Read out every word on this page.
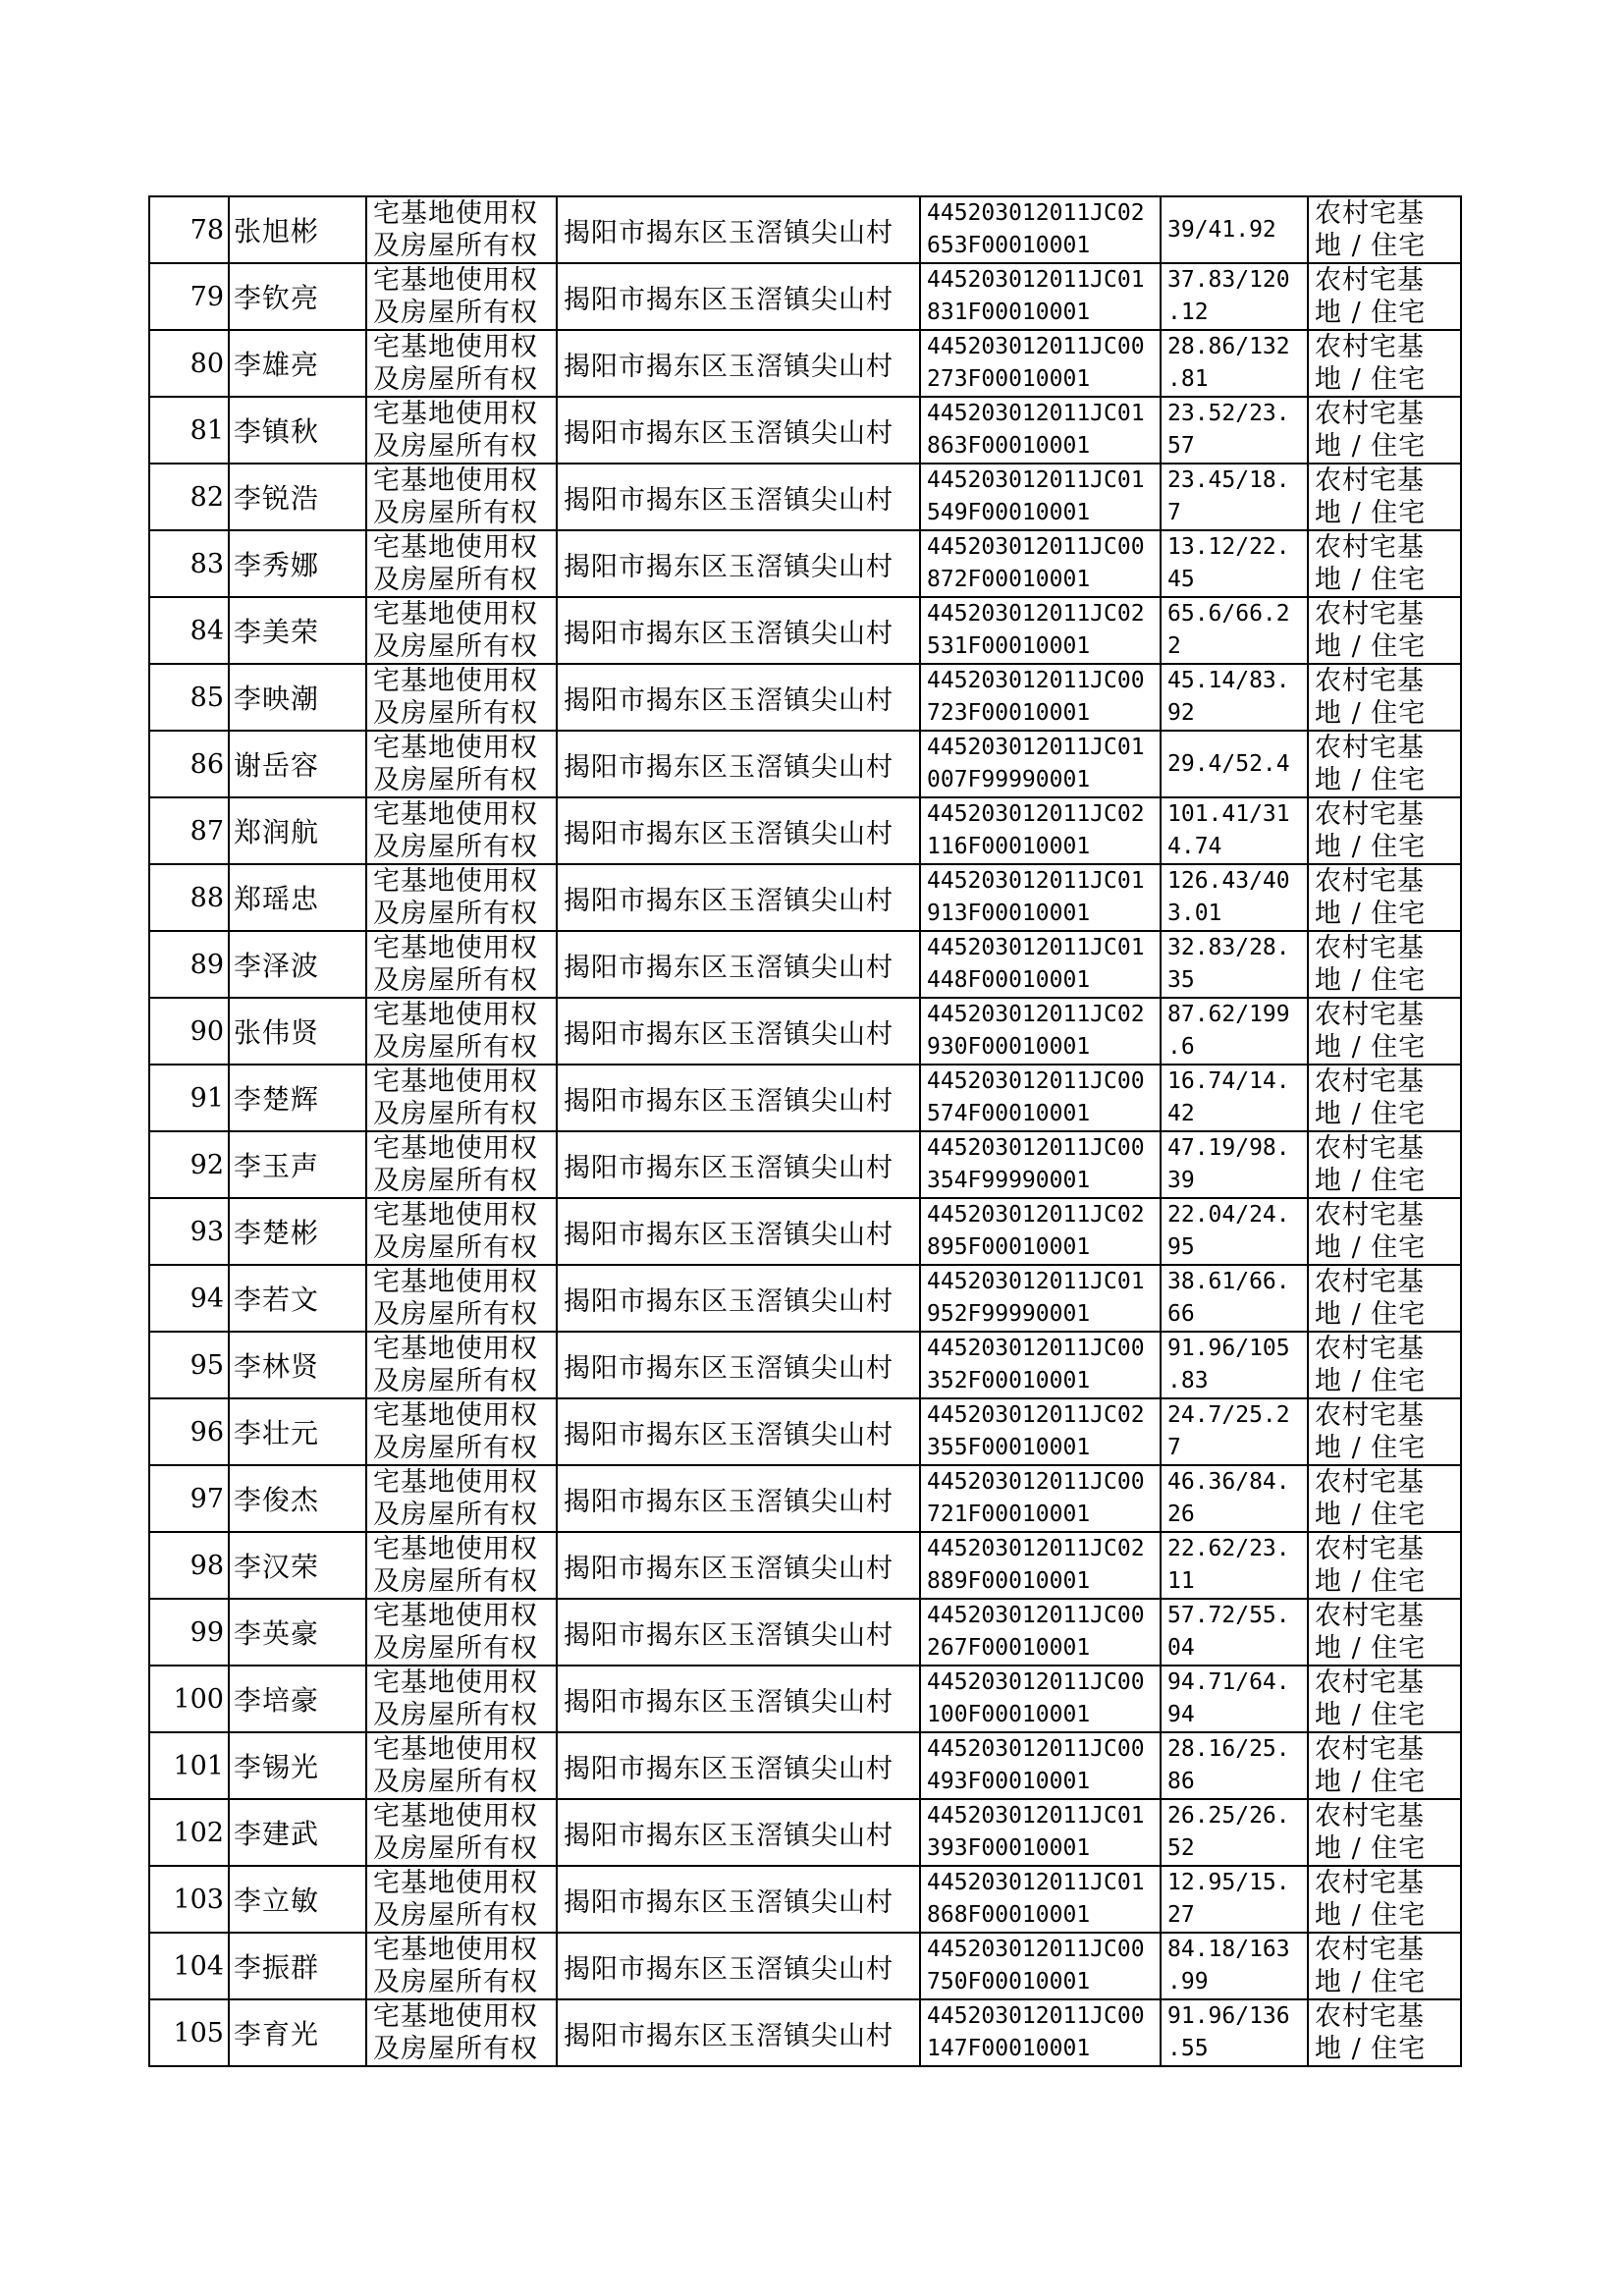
78	张旭彬	宅基地使用权
及房屋所有权	揭阳市揭东区玉滘镇尖山村	445203012011JC02
653F00010001	39/41.92	农村宅基
地 / 住宅

79	李钦亮	宅基地使用权
及房屋所有权	揭阳市揭东区玉滘镇尖山村	445203012011JC01
831F00010001	37.83/120
.12	农村宅基
地 / 住宅

80	李雄亮	宅基地使用权
及房屋所有权	揭阳市揭东区玉滘镇尖山村	445203012011JC00
273F00010001	28.86/132
.81	农村宅基
地 / 住宅

81	李镇秋	宅基地使用权
及房屋所有权	揭阳市揭东区玉滘镇尖山村	445203012011JC01
863F00010001	23.52/23.
57	农村宅基
地 / 住宅

82	李锐浩	宅基地使用权
及房屋所有权	揭阳市揭东区玉滘镇尖山村	445203012011JC01
549F00010001	23.45/18.
7	农村宅基
地 / 住宅

83	李秀娜	宅基地使用权
及房屋所有权	揭阳市揭东区玉滘镇尖山村	445203012011JC00
872F00010001	13.12/22.
45	农村宅基
地 / 住宅

84	李美荣	宅基地使用权
及房屋所有权	揭阳市揭东区玉滘镇尖山村	445203012011JC02
531F00010001	65.6/66.2
2	农村宅基
地 / 住宅

85	李映潮	宅基地使用权
及房屋所有权	揭阳市揭东区玉滘镇尖山村	445203012011JC00
723F00010001	45.14/83.
92	农村宅基
地 / 住宅

86	谢岳容	宅基地使用权
及房屋所有权	揭阳市揭东区玉滘镇尖山村	445203012011JC01
007F99990001	29.4/52.4	农村宅基
地 / 住宅

87	郑润航	宅基地使用权
及房屋所有权	揭阳市揭东区玉滘镇尖山村	445203012011JC02
116F00010001	101.41/31
4.74	农村宅基
地 / 住宅

88	郑瑶忠	宅基地使用权
及房屋所有权	揭阳市揭东区玉滘镇尖山村	445203012011JC01
913F00010001	126.43/40
3.01	农村宅基
地 / 住宅

89	李泽波	宅基地使用权
及房屋所有权	揭阳市揭东区玉滘镇尖山村	445203012011JC01
448F00010001	32.83/28.
35	农村宅基
地 / 住宅

90	张伟贤	宅基地使用权
及房屋所有权	揭阳市揭东区玉滘镇尖山村	445203012011JC02
930F00010001	87.62/199
.6	农村宅基
地 / 住宅

91	李楚辉	宅基地使用权
及房屋所有权	揭阳市揭东区玉滘镇尖山村	445203012011JC00
574F00010001	16.74/14.
42	农村宅基
地 / 住宅

92	李玉声	宅基地使用权
及房屋所有权	揭阳市揭东区玉滘镇尖山村	445203012011JC00
354F99990001	47.19/98.
39	农村宅基
地 / 住宅

93	李楚彬	宅基地使用权
及房屋所有权	揭阳市揭东区玉滘镇尖山村	445203012011JC02
895F00010001	22.04/24.
95	农村宅基
地 / 住宅

94	李若文	宅基地使用权
及房屋所有权	揭阳市揭东区玉滘镇尖山村	445203012011JC01
952F99990001	38.61/66.
66	农村宅基
地 / 住宅

95	李林贤	宅基地使用权
及房屋所有权	揭阳市揭东区玉滘镇尖山村	445203012011JC00
352F00010001	91.96/105
.83	农村宅基
地 / 住宅

96	李壮元	宅基地使用权
及房屋所有权	揭阳市揭东区玉滘镇尖山村	445203012011JC02
355F00010001	24.7/25.2
7	农村宅基
地 / 住宅

97	李俊杰	宅基地使用权
及房屋所有权	揭阳市揭东区玉滘镇尖山村	445203012011JC00
721F00010001	46.36/84.
26	农村宅基
地 / 住宅

98	李汉荣	宅基地使用权
及房屋所有权	揭阳市揭东区玉滘镇尖山村	445203012011JC02
889F00010001	22.62/23.
11	农村宅基
地 / 住宅

99	李英豪	宅基地使用权
及房屋所有权	揭阳市揭东区玉滘镇尖山村	445203012011JC00
267F00010001	57.72/55.
04	农村宅基
地 / 住宅

100	李培豪	宅基地使用权
及房屋所有权	揭阳市揭东区玉滘镇尖山村	445203012011JC00
100F00010001	94.71/64.
94	农村宅基
地 / 住宅

101	李锡光	宅基地使用权
及房屋所有权	揭阳市揭东区玉滘镇尖山村	445203012011JC00
493F00010001	28.16/25.
86	农村宅基
地 / 住宅

102	李建武	宅基地使用权
及房屋所有权	揭阳市揭东区玉滘镇尖山村	445203012011JC01
393F00010001	26.25/26.
52	农村宅基
地 / 住宅

103	李立敏	宅基地使用权
及房屋所有权	揭阳市揭东区玉滘镇尖山村	445203012011JC01
868F00010001	12.95/15.
27	农村宅基
地 / 住宅

104	李振群	宅基地使用权
及房屋所有权	揭阳市揭东区玉滘镇尖山村	445203012011JC00
750F00010001	84.18/163
.99	农村宅基
地 / 住宅

105	李育光	宅基地使用权
及房屋所有权	揭阳市揭东区玉滘镇尖山村	445203012011JC00
147F00010001	91.96/136
.55	农村宅基
地 / 住宅
